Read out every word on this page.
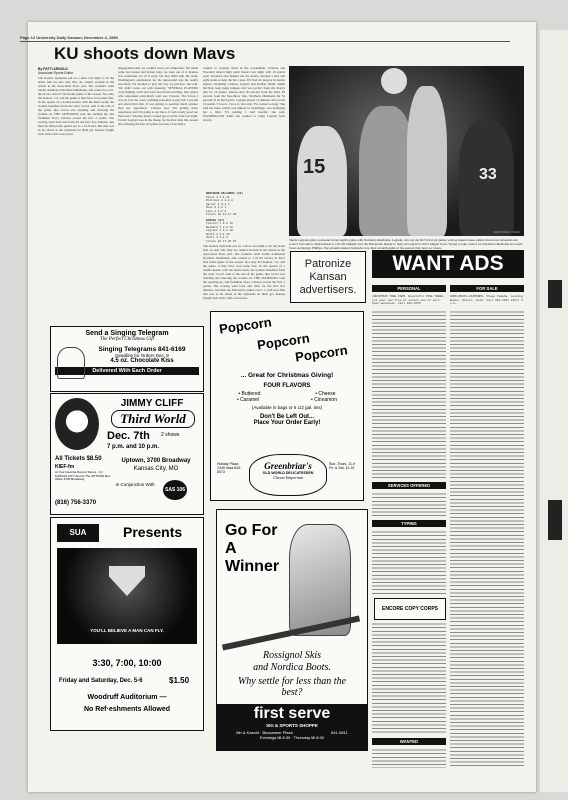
Page 12 University Daily Kansan, December 4, 1980
KU shoots down Mavs
By PATTI ARNOLD
Associate Sports Editor
The Kansas Jayhawks put on a show last night to let the home folk see just why they are ranked seventh in the nation in the Associated Press poll. The women's team totally dominated Northern Oklahoma, and coasted to a 97-49 victory in KU's first home game of the season. Not only did Kansas, 7-0, win the game, it may have won some fans. In the opener of a double-header with the men's team, the women benefited from the early crowd. And at the end of the game, that crowd was standing and cheering the women on. THE JAYHAWKS took the opening tip, and freshman Tracy Claxton scored the first 2 points. The scoring went back and forth for the first few minutes, and then the Mavericks pulled out to a 14-8 lead. But that was as far ahead as the Jayhawks let them get. Kansas fought back with a full-court press.
disappointed that we couldn't keep our composure. We made some bad passes and before long, we were out of it. Kansas was somewhat out of it early, but that didn't hurt the team. Washington's explanation for the turnaround was the team's execution. We decided to play the way we practice,' she said. 'We didn't come out with intensity.' SEVERAL PLAYERS were fighting colds and were tired from traveling. One player who responded particularly well was Claxton. The 6-foot-1 was all over the court, grabbing rebounds to give KU a second and often third shot. It was getting to position much quicker than my opposition,' Claxton said. 'I'm getting more experience and I'm going to get more. It feels really good out there now.' Another player looked good on the court last night. Evelyn Legrant was in the lineup for the first time this season after missing the first six games because of an injury.
wanted to surprise them in the tournament. Claxton and Woodard shared high point honors last night with 16 points each. Woodard also handed out six assists, blocked a shot and eight steals to help the KU cause. KU had six players in double figures, including Claxton, Legrant and Robbie Smith. Smith hit three long range jumpers and was perfect from the charity line for 10 points. Kansas shot 50 percent from the field, 69 percent from the free-throw line. Northern Oklahoma hit 34 percent of its field goals. Legrant played 12 minutes and scored 10 points. 'I love it, I love it,' she said. 'I've waited so long.' She said her knee, which was injured in scrimmage, was bothering her a little. 'It's nothing I can't handle,' she said. WASHINGTON SAID she wanted to bring Legrant back slowly.
NORTHERN OKLAHOMA (49)
Stout 4 3-4 11
Phillips 3 2-2 8
Harper 2 0-1 4
Moss 3 1-2 7
Lane 2 2-3 6
Totals 19 11-17 49
KANSAS (97)
Claxton 7 2-2 16
Woodard 7 2-3 16
Legrant 4 2-2 10
Smith 3 4-4 10
Scott 4 1-2 9
Totals 40 17-25 97
The Kansas Jayhawks put on a show last night to let the home folk see just why they are ranked seventh in the nation in the Associated Press poll. The women's team totally dominated Northern Oklahoma, and coasted to a 97-49 victory in KU's first home game of the season. Not only did Kansas, 7-0, win the game, it may have won some fans. In the opener of a double-header with the men's team, the women benefited from the early crowd. And at the end of the game, that crowd was standing and cheering the women on. THE JAYHAWKS took the opening tip, and freshman Tracy Claxton scored the first 2 points. The scoring went back and forth for the first few minutes, and then the Mavericks pulled out to a 14-8 lead. But that was as far ahead as the Jayhawks let them get. Kansas fought back with a full-court press.
15	33
MARK FINLEY / STAFF
Sheila Legrant grabs a rebound in last night's game with Northern Oklahoma. Legrant, who sat out KU's first six games with an injured knee, pulled down four rebounds and scored 10 points to help Kansas to a 97-49 triumph over the Mavericks. Ready to help out Legrant is KU's Megan Scott. Trying to take control for Northern Oklahoma are Gayle Stout and Robyn Phillips. The seventh-ranked Jayhawks won their seventh game of the season; they have no losses.
Patronize Kansan advertisers.
WANT ADS
Send a Singing Telegram
The Perfect Christmas Gift
Singing Telegrams 841-6169
Deadline for Orders Dec. 9
4.5 oz. Chocolate Kiss
Delivered With Each Order
JIMMY CLIFF
Third World
Dec. 7th 2 shows
7 p.m. and 10 p.m.
All Tickets $8.50
KIEF-fm
At Your Favorite Record Stores · KJ KANSAS CITY And At The UPTOWN Box Office 3700 Broadway
(816) 756-3370
Uptown, 3700 Broadway
Kansas City, MO
In Conjunction With
SAS 106
SUA	Presents
YOU'LL BELIEVE A MAN CAN FLY.
3:30, 7:00, 10:00
Friday and Saturday, Dec. 5-6	$1.50
Woodruff Auditorium —
No Ref·eshments Allowed
Popcorn
Popcorn
Popcorn
... Great for Christmas Giving!
FOUR FLAVORS
• Buttered	• Cheese
• Caramel	• Cinnamon
(Available in bags or 6 1/2 gal. tins)
Don't Be Left Out...
Place Your Order Early!
Holiday Plaza
2449 Iowa 843-8073
Greenbriar's
OLD WORLD DELICATESSEN
Cheese Emporium
Sun.-Thurs. 11-9 Fri. & Sat. 11-10
Go For A Winner
Rossignol Skis
and Nordica Boots.
Why settle for less than the best?
first serve
SKI & SPORTS SHOPPE
6th & Kasold · Buccaneer Plaza	841-0811
Evenings till 8:30 · Thursday till 8:30
PERSONAL
CHRISTMAS TREE FARM. Beautiful PINE TREES, cut your own tree or select one of ours. Open weekends. Call 842-4555.
SERVICES OFFERED
TYPING
ENCORE COPY CORPS
WANTED
FOR SALE
GOOD—MUSIC—DIAMONDS. Cheap Yamaha. Looking Books. Silver, Gold. Call 864-2031 after 5 p.m.
